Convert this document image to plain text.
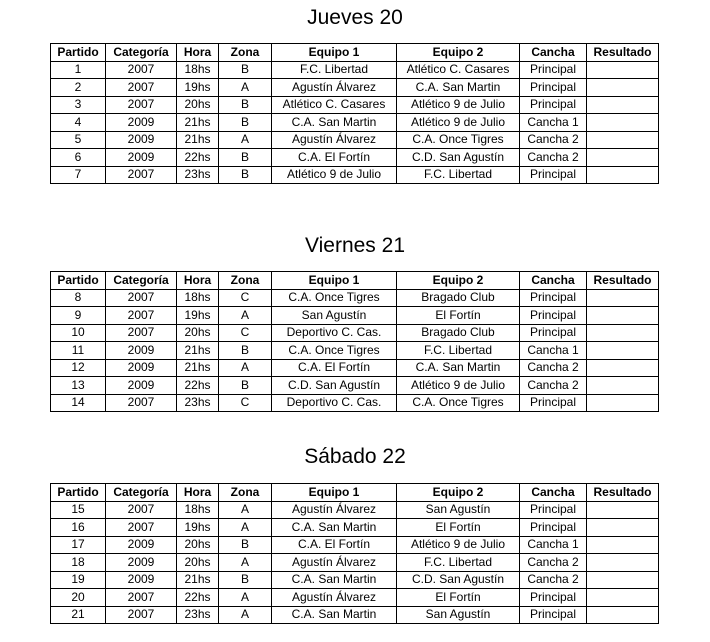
Jueves 20
Partido	Categoría	Hora	Zona	Equipo 1	Equipo 2	Cancha	Resultado
1	2007	18hs	B	F.C. Libertad	Atlético C. Casares	Principal	
2	2007	19hs	A	Agustín Álvarez	C.A. San Martin	Principal	
3	2007	20hs	B	Atlético C. Casares	Atlético 9 de Julio	Principal	
4	2009	21hs	B	C.A. San Martin	Atlético 9 de Julio	Cancha 1	
5	2009	21hs	A	Agustín Álvarez	C.A. Once Tigres	Cancha 2	
6	2009	22hs	B	C.A. El Fortín	C.D. San Agustín	Cancha 2	
7	2007	23hs	B	Atlético 9 de Julio	F.C. Libertad	Principal	
Viernes 21
Partido	Categoría	Hora	Zona	Equipo 1	Equipo 2	Cancha	Resultado
8	2007	18hs	C	C.A. Once Tigres	Bragado Club	Principal	
9	2007	19hs	A	San Agustín	El Fortín	Principal	
10	2007	20hs	C	Deportivo C. Cas.	Bragado Club	Principal	
11	2009	21hs	B	C.A. Once Tigres	F.C. Libertad	Cancha 1	
12	2009	21hs	A	C.A. El Fortín	C.A. San Martin	Cancha 2	
13	2009	22hs	B	C.D. San Agustín	Atlético 9 de Julio	Cancha 2	
14	2007	23hs	C	Deportivo C. Cas.	C.A. Once Tigres	Principal	
Sábado 22
Partido	Categoría	Hora	Zona	Equipo 1	Equipo 2	Cancha	Resultado
15	2007	18hs	A	Agustín Álvarez	San Agustín	Principal	
16	2007	19hs	A	C.A. San Martin	El Fortín	Principal	
17	2009	20hs	B	C.A. El Fortín	Atlético 9 de Julio	Cancha 1	
18	2009	20hs	A	Agustín Álvarez	F.C. Libertad	Cancha 2	
19	2009	21hs	B	C.A. San Martin	C.D. San Agustín	Cancha 2	
20	2007	22hs	A	Agustín Álvarez	El Fortín	Principal	
21	2007	23hs	A	C.A. San Martin	San Agustín	Principal	
